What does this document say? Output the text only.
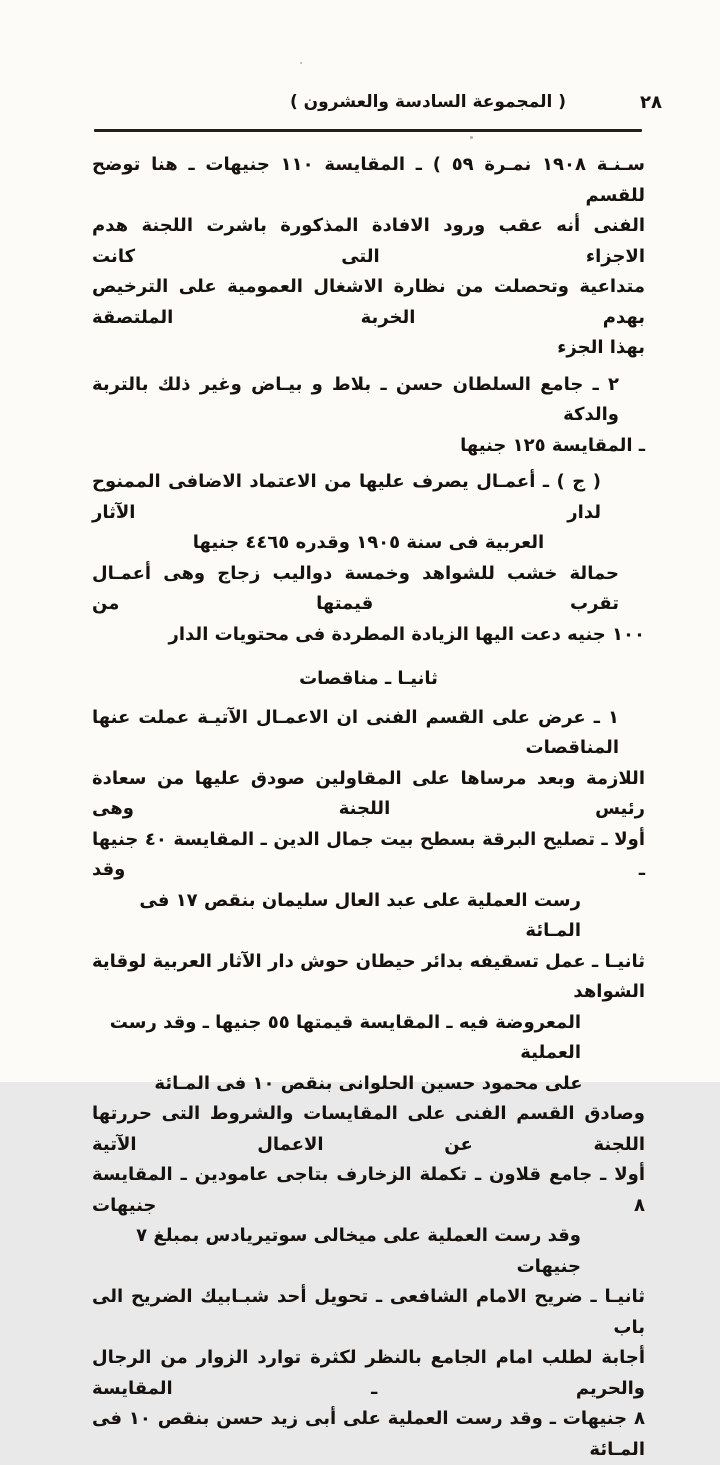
٢٨
( المجموعة السادسة والعشرون )
سـنـة ١٩٠٨ نمـرة ٥٩ ) ـ المقايسة ١١٠ جنيهات ـ هنا توضح للقسم
الفنى أنه عقب ورود الافادة المذكورة باشرت اللجنة هدم الاجزاء التى كانت
متداعية وتحصلت من نظارة الاشغال العمومية على الترخيص بهدم الخربة الملتصقة
بهذا الجزء
٢ ـ جامع السلطان حسن ـ بلاط و بيـاض وغير ذلك بالتربة والدكة
ـ المقايسة ١٢٥ جنيها
( ج ) ـ أعمـال يصرف عليها من الاعتماد الاضافى الممنوح لدار الآثار
العربية فى سنة ١٩٠٥ وقدره ٤٤٦٥ جنيها
حمالة خشب للشواهد وخمسة دواليب زجاج وهى أعمـال تقرب قيمتها من
١٠٠ جنيه دعت اليها الزيادة المطردة فى محتويات الدار
ثانيـا ـ مناقصات
١ ـ عرض على القسم الفنى ان الاعمـال الآتيـة عملت عنها المناقصات
اللازمة وبعد مرساها على المقاولين صودق عليها من سعادة رئيس اللجنة وهى
أولا ـ تصليح البرقة بسطح بيت جمال الدين ـ المقايسة ٤٠ جنيها ـ وقد
رست العملية على عبد العال سليمان بنقص ١٧ فى المـائة
ثانيـا ـ عمل تسقيفه بدائر حيطان حوش دار الآثار العربية لوقاية الشواهد
المعروضة فيه ـ المقايسة قيمتها ٥٥ جنيها ـ وقد رست العملية
على محمود حسين الحلوانى بنقص ١٠ فى المـائة
وصادق القسم الفنى على المقايسات والشروط التى حررتها اللجنة عن الاعمال الآتية
أولا ـ جامع قلاون ـ تكملة الزخارف بتاجى عامودين ـ المقايسة ٨ جنيهات
وقد رست العملية على ميخالى سوتيريادس بمبلغ ٧ جنيهات
ثانيـا ـ ضريح الامام الشافعى ـ تحويل أحد شبـابيك الضريح الى باب
أجابة لطلب امام الجامع بالنظر لكثرة توارد الزوار من الرجال والحريم ـ المقايسة
٨ جنيهات ـ وقد رست العملية على أبى زيد حسن بنقص ١٠ فى المـائة
